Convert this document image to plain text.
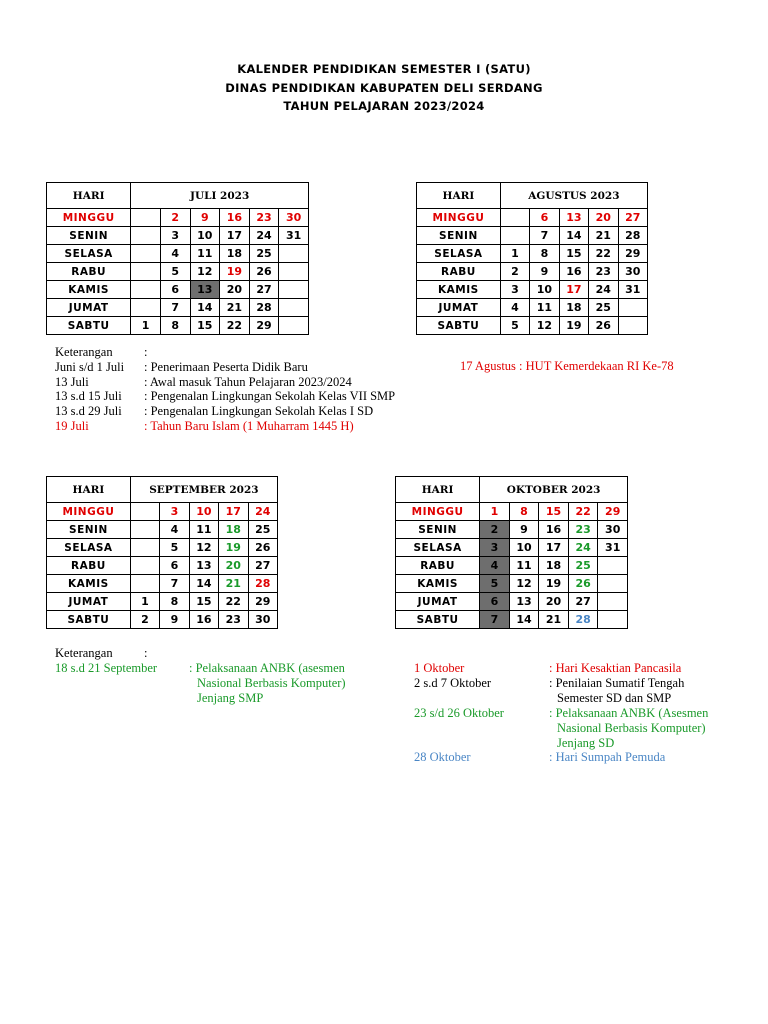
KALENDER PENDIDIKAN SEMESTER I (SATU)
DINAS PENDIDIKAN KABUPATEN DELI SERDANG
TAHUN PELAJARAN 2023/2024
HARI	JULI 2023					
MINGGU		2	9	16	23	30
SENIN		3	10	17	24	31
SELASA		4	11	18	25	
RABU		5	12	19	26	
KAMIS		6	13	20	27	
JUMAT		7	14	21	28	
SABTU	1	8	15	22	29	
HARI	AGUSTUS 2023				
MINGGU		6	13	20	27
SENIN		7	14	21	28
SELASA	1	8	15	22	29
RABU	2	9	16	23	30
KAMIS	3	10	17	24	31
JUMAT	4	11	18	25	
SABTU	5	12	19	26	
Keterangan	:
Juni s/d 1 Juli : Penerimaan Peserta Didik Baru
13 Juli	: Awal masuk Tahun Pelajaran 2023/2024
13 s.d 15 Juli : Pengenalan Lingkungan Sekolah Kelas VII SMP
13 s.d 29 Juli : Pengenalan Lingkungan Sekolah Kelas I SD
19 Juli	: Tahun Baru Islam (1 Muharram 1445 H)
17 Agustus : HUT Kemerdekaan RI Ke-78
HARI	SEPTEMBER 2023				
MINGGU		3	10	17	24
SENIN		4	11	18	25
SELASA		5	12	19	26
RABU		6	13	20	27
KAMIS		7	14	21	28
JUMAT	1	8	15	22	29
SABTU	2	9	16	23	30
HARI	OKTOBER 2023				
MINGGU	1	8	15	22	29
SENIN	2	9	16	23	30
SELASA	3	10	17	24	31
RABU	4	11	18	25	
KAMIS	5	12	19	26	
JUMAT	6	13	20	27	
SABTU	7	14	21	28	
Keterangan	:
18 s.d 21 September	: Pelaksanaan ANBK (asesmen
Nasional Berbasis Komputer)
Jenjang SMP
1 Oktober	: Hari Kesaktian Pancasila
2 s.d 7 Oktober	: Penilaian Sumatif Tengah
Semester SD dan SMP
23 s/d 26 Oktober	: Pelaksanaan ANBK (Asesmen
Nasional Berbasis Komputer)
Jenjang SD
28 Oktober	: Hari Sumpah Pemuda
